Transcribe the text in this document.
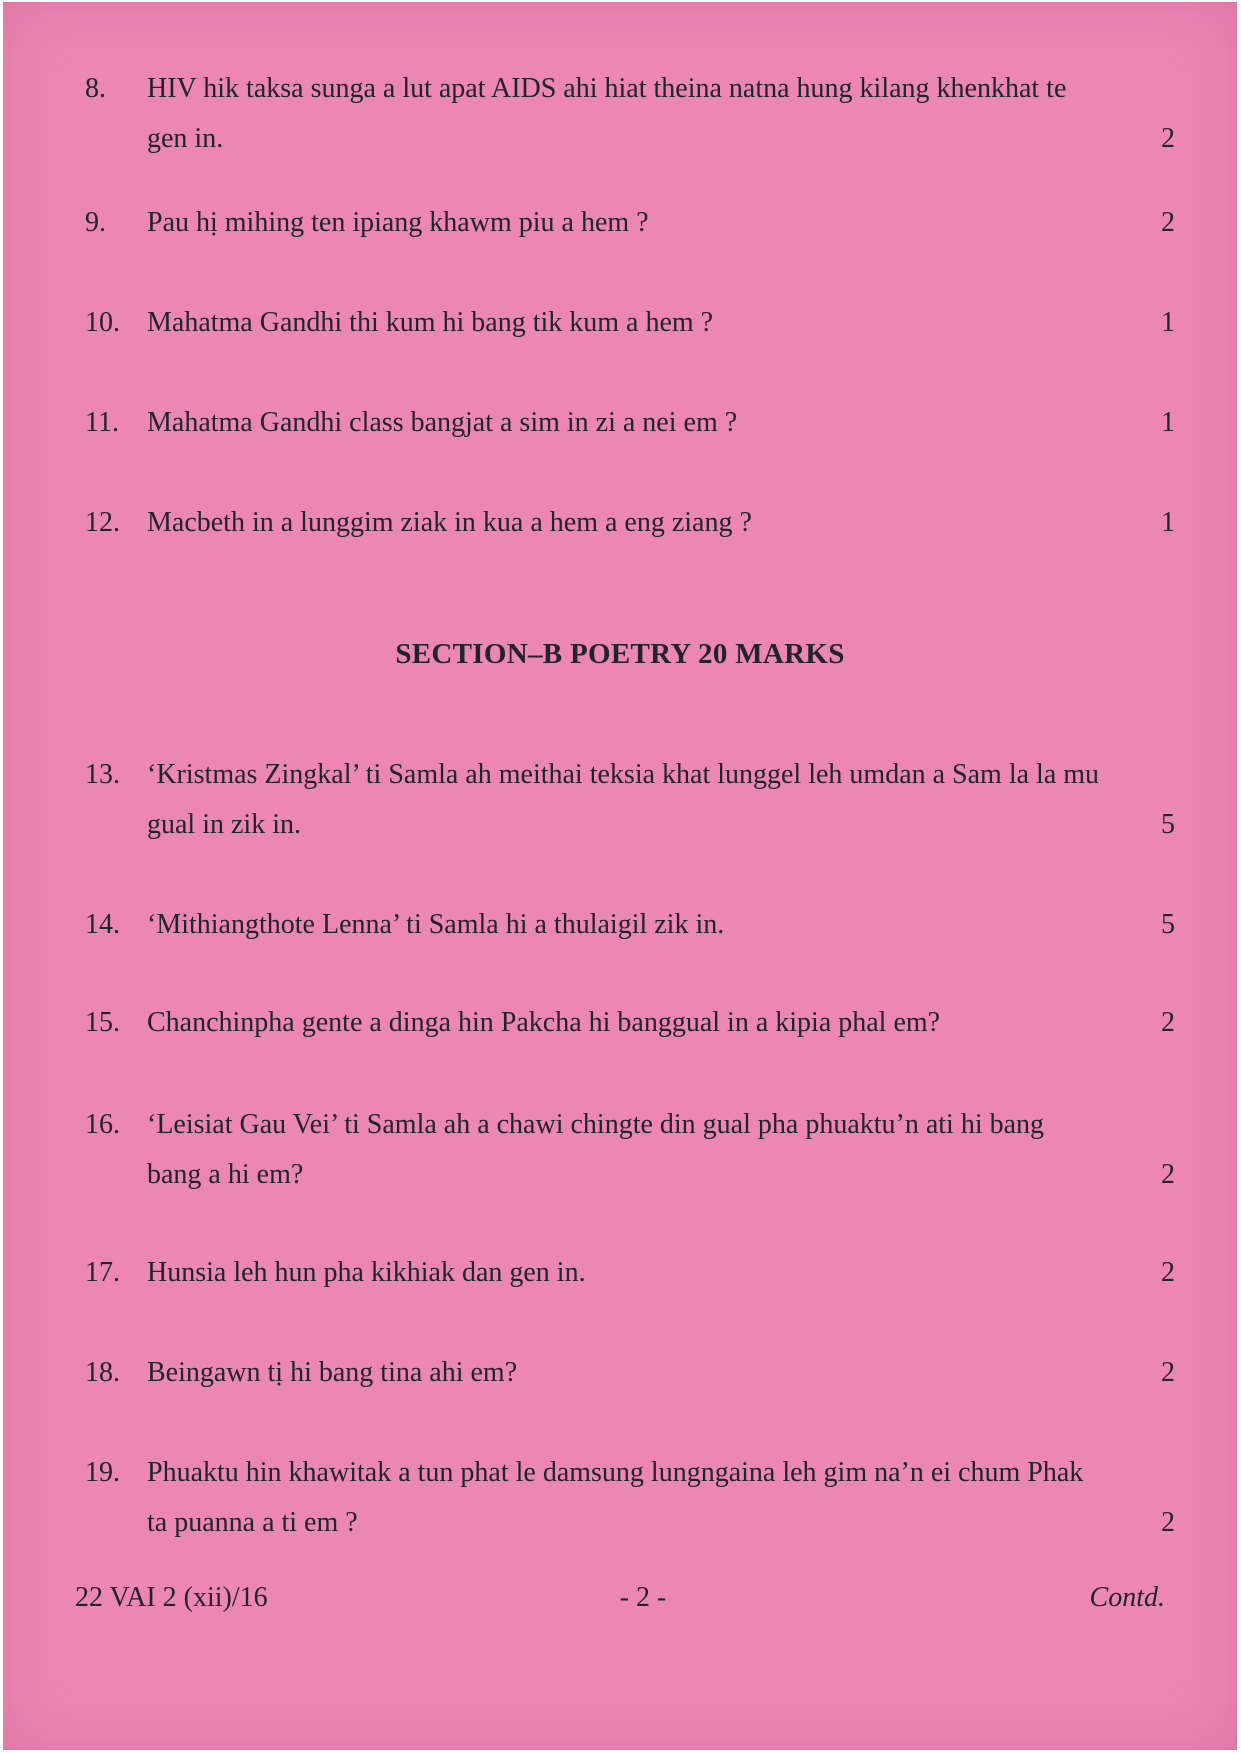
8.	HIV hik taksa sunga a lut apat AIDS ahi hiat theina natna hung kilang khenkhat te gen in.	2
9.	Pau hị mihing ten ipiang khawm piu a hem ?	2
10. Mahatma Gandhi thi kum hi bang tik kum a hem ?	1
11.	Mahatma Gandhi class bangjat a sim in zi a nei em ?	1
12. Macbeth in a lunggim ziak in kua a hem a eng ziang ?	1
SECTION–B POETRY 20 MARKS
13. ‘Kristmas Zingkal’ ti Samla ah meithai teksia khat lunggel leh umdan a Sam la la mu gual in zik in.	5
14. ‘Mithiangthote Lenna’ ti Samla hi a thulaigil zik in.	5
15. Chanchinpha gente a dinga hin Pakcha hi banggual in a kipia phal em?	2
16. ‘Leisiat Gau Vei’ ti Samla ah a chawi chingte din gual pha phuaktu’n ati hi bang bang a hi em?	2
17. Hunsia leh hun pha kikhiak dan gen in.	2
18. Beingawn tị hi bang tina ahi em?	2
19. Phuaktu hin khawitak a tun phat le damsung lungngaina leh gim na’n ei chum Phak ta puanna a ti em ?	2
22 VAI 2 (xii)/16	- 2 -	Contd.
